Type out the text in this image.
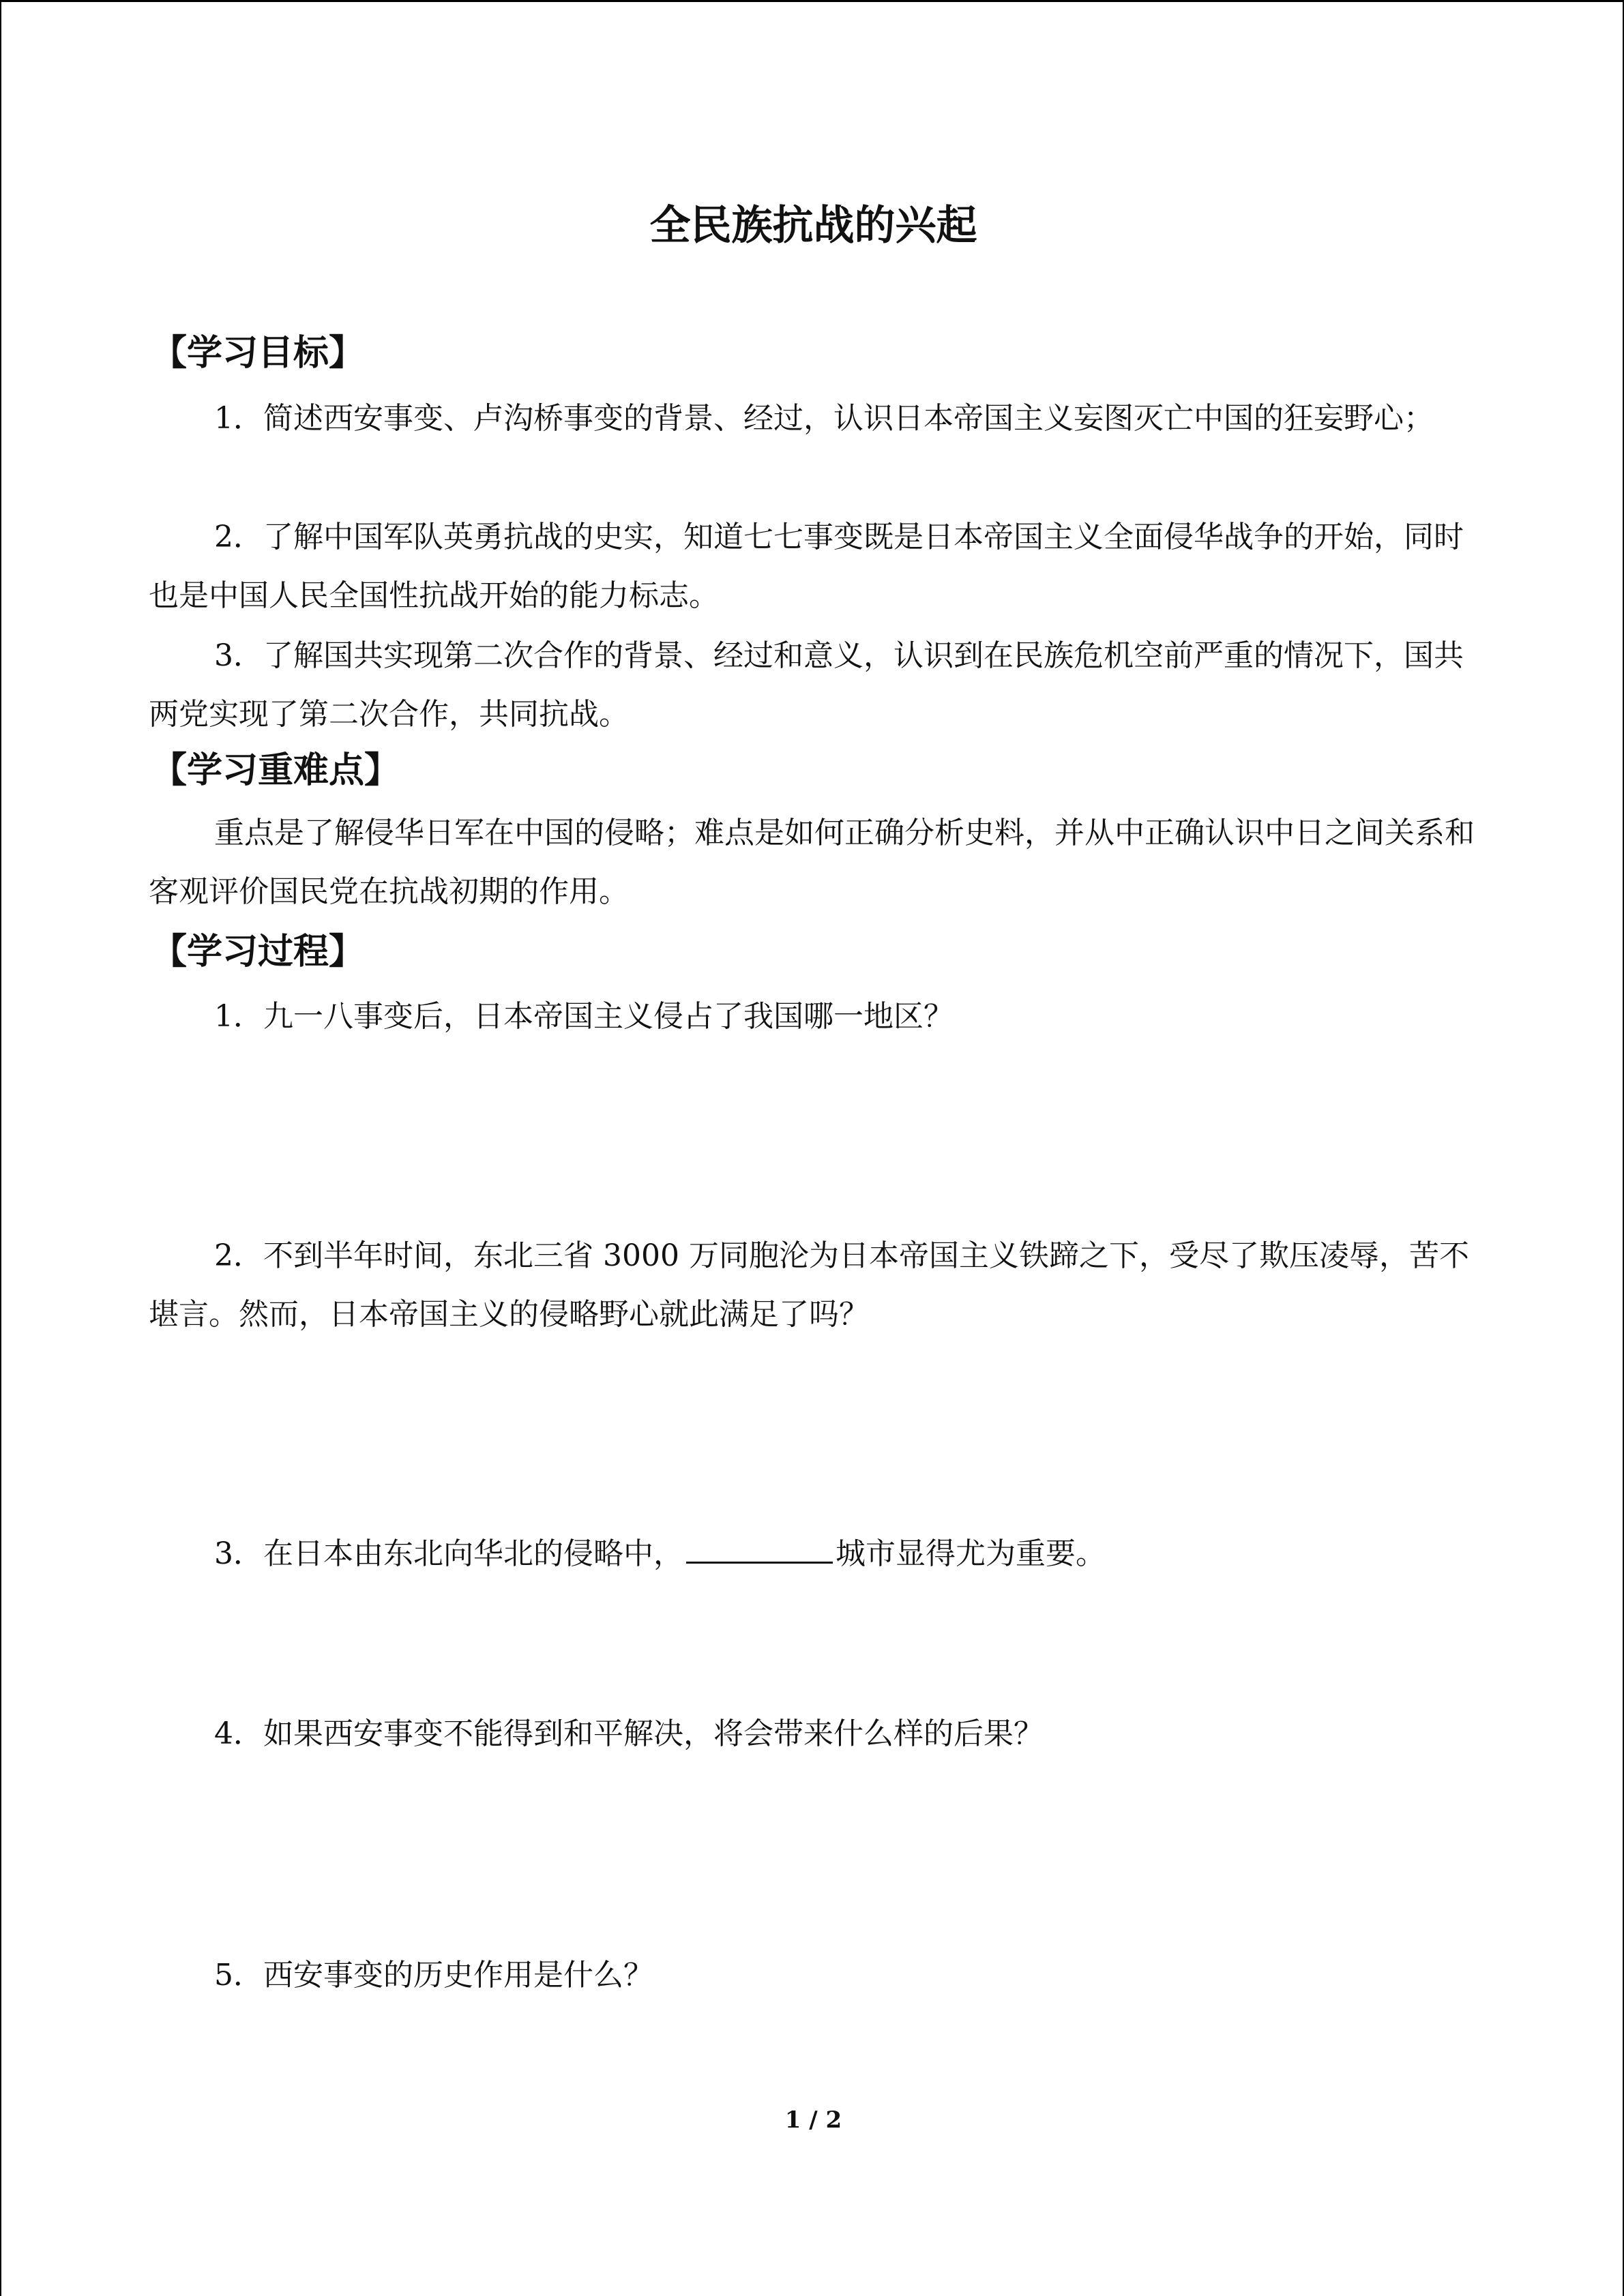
全民族抗战的兴起
【学习目标】

1．简述西安事变、卢沟桥事变的背景、经过，认识日本帝国主义妄图灭亡中国的狂妄野心；

2．了解中国军队英勇抗战的史实，知道七七事变既是日本帝国主义全面侵华战争的开始，同时也是中国人民全国性抗战开始的能力标志。

3．了解国共实现第二次合作的背景、经过和意义，认识到在民族危机空前严重的情况下，国共两党实现了第二次合作，共同抗战。

【学习重难点】

重点是了解侵华日军在中国的侵略；难点是如何正确分析史料，并从中正确认识中日之间关系和客观评价国民党在抗战初期的作用。

【学习过程】

1．九一八事变后，日本帝国主义侵占了我国哪一地区？

2．不到半年时间，东北三省 3000 万同胞沦为日本帝国主义铁蹄之下，受尽了欺压凌辱，苦不堪言。然而，日本帝国主义的侵略野心就此满足了吗？

3．在日本由东北向华北的侵略中，	城市显得尤为重要。

4．如果西安事变不能得到和平解决，将会带来什么样的后果？

5．西安事变的历史作用是什么？

1 / 2
